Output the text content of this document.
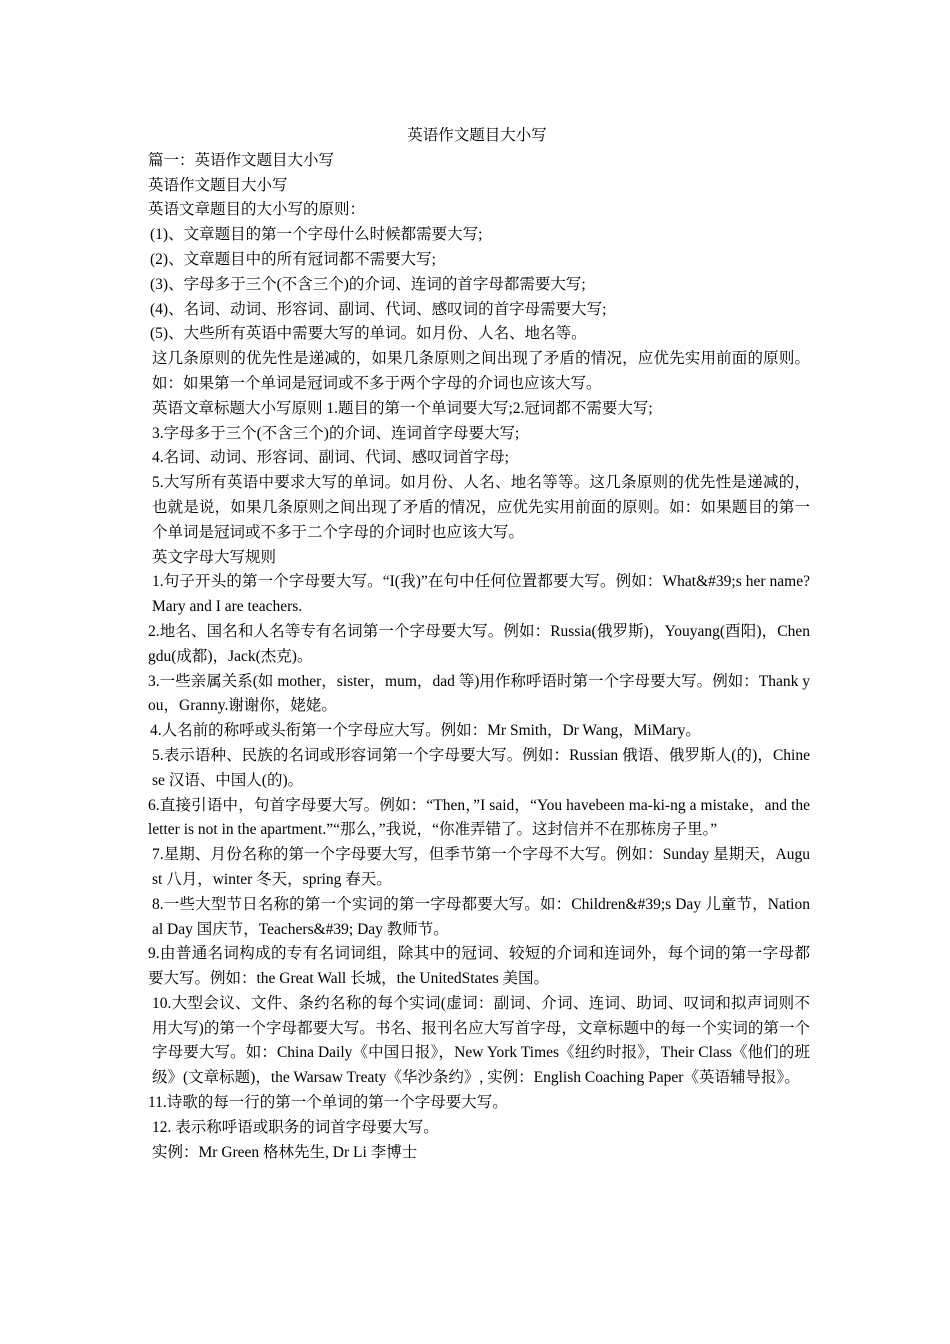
英语作文题目大小写

篇一：英语作文题目大小写

英语作文题目大小写

英语文章题目的大小写的原则：

(1)、文章题目的第一个字母什么时候都需要大写;

(2)、文章题目中的所有冠词都不需要大写;

(3)、字母多于三个(不含三个)的介词、连词的首字母都需要大写;

(4)、名词、动词、形容词、副词、代词、感叹词的首字母需要大写;

(5)、大些所有英语中需要大写的单词。如月份、人名、地名等。

这几条原则的优先性是递减的，如果几条原则之间出现了矛盾的情况，应优先实用前面的原则。如：如果第一个单词是冠词或不多于两个字母的介词也应该大写。

英语文章标题大小写原则 1.题目的第一个单词要大写;2.冠词都不需要大写;

3.字母多于三个(不含三个)的介词、连词首字母要大写;

4.名词、动词、形容词、副词、代词、感叹词首字母;

5.大写所有英语中要求大写的单词。如月份、人名、地名等等。这几条原则的优先性是递减的，也就是说，如果几条原则之间出现了矛盾的情况，应优先实用前面的原则。如：如果题目的第一个单词是冠词或不多于二个字母的介词时也应该大写。

英文字母大写规则

1.句子开头的第一个字母要大写。“I(我)”在句中任何位置都要大写。例如：What&#39;s her name?Mary and I are teachers.

2.地名、国名和人名等专有名词第一个字母要大写。例如：Russia(俄罗斯)，Youyang(酉阳)，Chengdu(成都)，Jack(杰克)。

3.一些亲属关系(如 mother，sister，mum，dad 等)用作称呼语时第一个字母要大写。例如：Thank you，Granny.谢谢你，姥姥。

4.人名前的称呼或头衔第一个字母应大写。例如：Mr Smith，Dr Wang，MiMary。

5.表示语种、民族的名词或形容词第一个字母要大写。例如：Russian 俄语、俄罗斯人(的)，Chinese 汉语、中国人(的)。

6.直接引语中，句首字母要大写。例如：“Then，”I said，“You havebeen ma-ki-ng a mistake，and the letter is not in the apartment.”“那么，”我说，“你准弄错了。这封信并不在那栋房子里。”

7.星期、月份名称的第一个字母要大写，但季节第一个字母不大写。例如：Sunday 星期天，August 八月，winter 冬天，spring 春天。

8.一些大型节日名称的第一个实词的第一字母都要大写。如：Children&#39;s Day 儿童节，National Day 国庆节，Teachers&#39; Day 教师节。

9.由普通名词构成的专有名词词组，除其中的冠词、较短的介词和连词外，每个词的第一字母都要大写。例如：the Great Wall 长城，the UnitedStates 美国。

10.大型会议、文件、条约名称的每个实词(虚词：副词、介词、连词、助词、叹词和拟声词则不用大写)的第一个字母都要大写。书名、报刊名应大写首字母，文章标题中的每一个实词的第一个字母要大写。如：China Daily《中国日报》，New York Times《纽约时报》，Their Class《他们的班级》(文章标题)，the Warsaw Treaty《华沙条约》, 实例：English Coaching Paper《英语辅导报》。

11.诗歌的每一行的第一个单词的第一个字母要大写。

12. 表示称呼语或职务的词首字母要大写。

实例：Mr Green 格林先生, Dr Li 李博士
